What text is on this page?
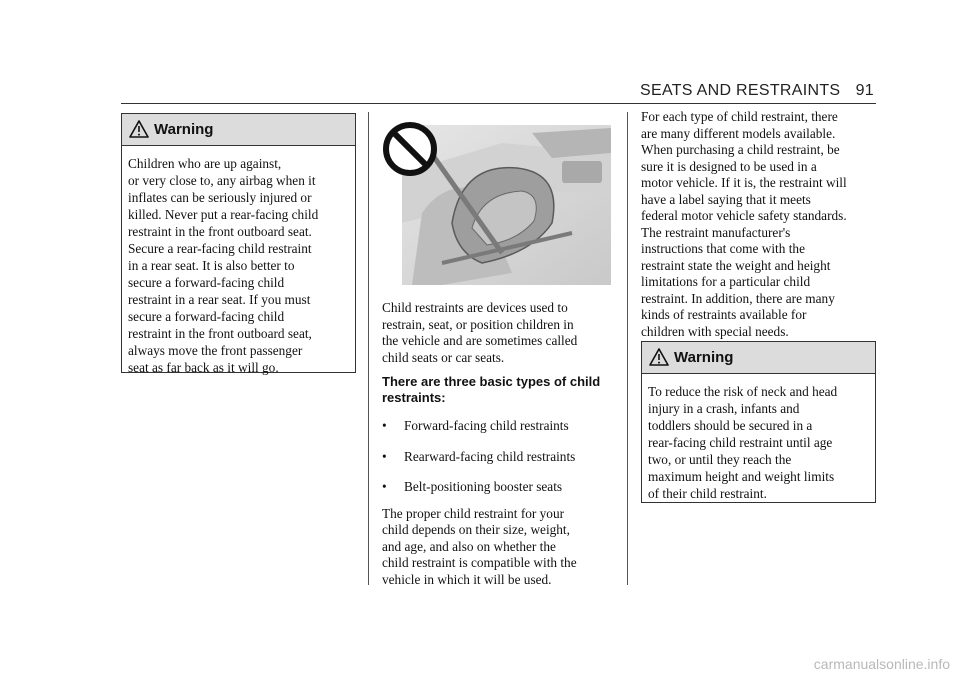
SEATS AND RESTRAINTS 91
Warning
Children who are up against,
or very close to, any airbag when it
inflates can be seriously injured or
killed. Never put a rear-facing child
restraint in the front outboard seat.
Secure a rear-facing child restraint
in a rear seat. It is also better to
secure a forward-facing child
restraint in a rear seat. If you must
secure a forward-facing child
restraint in the front outboard seat,
always move the front passenger
seat as far back as it will go.

Child restraints are devices used to
restrain, seat, or position children in
the vehicle and are sometimes called
child seats or car seats.

There are three basic types of child
restraints:

• Forward-facing child restraints
• Rearward-facing child restraints
• Belt-positioning booster seats

The proper child restraint for your
child depends on their size, weight,
and age, and also on whether the
child restraint is compatible with the
vehicle in which it will be used.

For each type of child restraint, there
are many different models available.
When purchasing a child restraint, be
sure it is designed to be used in a
motor vehicle. If it is, the restraint will
have a label saying that it meets
federal motor vehicle safety standards.
The restraint manufacturer's
instructions that come with the
restraint state the weight and height
limitations for a particular child
restraint. In addition, there are many
kinds of restraints available for
children with special needs.

Warning
To reduce the risk of neck and head
injury in a crash, infants and
toddlers should be secured in a
rear-facing child restraint until age
two, or until they reach the
maximum height and weight limits
of their child restraint.
carmanualsonline.info
